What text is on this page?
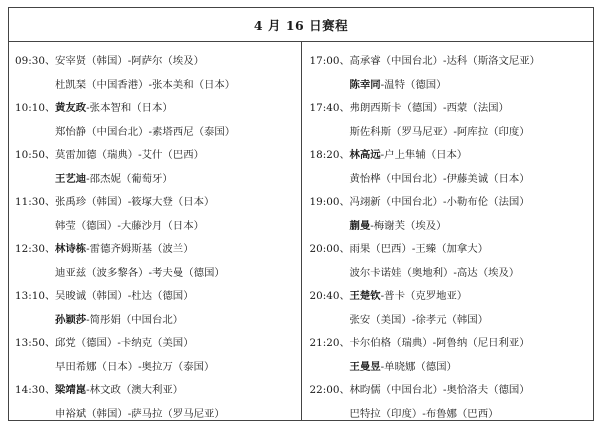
4 月 16 日赛程
09:30、 安宰贤（韩国）-阿萨尔（埃及）
杜凯琹（中国香港）-张本美和（日本）
10:10、 黄友政-张本智和（日本）
郑怡静（中国台北）-素塔西尼（泰国）
10:50、 莫雷加德（瑞典）-艾什（巴西）
王艺迪-邵杰妮（葡萄牙）
11:30、 张禹珍（韩国）-筱塚大登（日本）
韩莹（德国）-大藤沙月（日本）
12:30、 林诗栋-雷德齐姆斯基（波兰）
迪亚兹（波多黎各）-考夫曼（德国）
13:10、 吴晙诚（韩国）-杜达（德国）
孙颖莎-简彤娟（中国台北）
13:50、 邱党（德国）-卡纳克（美国）
早田希娜（日本）-奥拉万（泰国）
14:30、 梁靖崑-林文政（澳大利亚）
申裕斌（韩国）-萨马拉（罗马尼亚）
17:00、 高承睿（中国台北）-达科（斯洛文尼亚）
陈幸同-温特（德国）
17:40、 弗朗西斯卡（德国）-西蒙（法国）
斯佐科斯（罗马尼亚）-阿库拉（印度）
18:20、 林高远-户上隼辅（日本）
黄怡桦（中国台北）-伊藤美诚（日本）
19:00、 冯翊新（中国台北）-小勒布伦（法国）
蒯曼-梅谢芙（埃及）
20:00、 雨果（巴西）-王臻（加拿大）
波尔卡诺娃（奥地利）-高达（埃及）
20:40、 王楚钦-普卡（克罗地亚）
张安（美国）-徐孝元（韩国）
21:20、 卡尔伯格（瑞典）-阿鲁纳（尼日利亚）
王曼昱-单晓娜（德国）
22:00、 林昀儒（中国台北）-奥恰洛夫（德国）
巴特拉（印度）-布鲁娜（巴西）
